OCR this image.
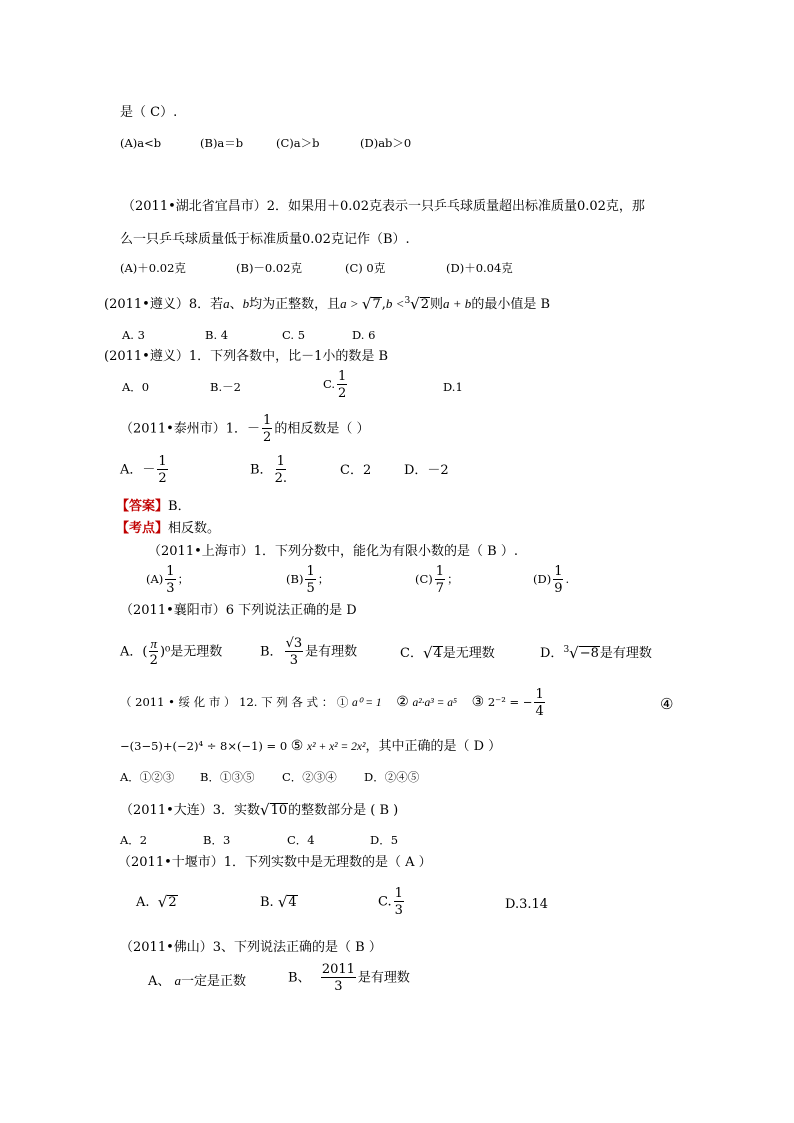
是（ C）.
(A)a<b	(B)a＝b	(C)a＞b	(D)ab＞0
（2011•湖北省宜昌市）2．如果用＋0.02克表示一只乒乓球质量超出标准质量0.02克，那
么一只乒乓球质量低于标准质量0.02克记作（B）.
(A)＋0.02克	(B)－0.02克	(C) 0克	(D)＋0.04克
(2011•遵义）8．若a、b均为正整数，且a > √ 7 ,b < 3 √ 2 则a + b的最小值是 B
A. 3	B. 4	C. 5	D. 6
(2011•遵义）1．下列各数中，比－1小的数是 B
A．0	B.－2	C. $\frac{1}{2}$	D.1
（2011•泰州市）1．－ $\frac{1}{2}$ 的相反数是（ ）
A．－ $\frac{1}{2}$	B． $\frac{1}{2.}$	C．2	D．－2
【答案】B．
【考点】相反数。
（2011•上海市）1．下列分数中，能化为有限小数的是（ B ）.
$(A) \frac{1}{3}$ ；	$(B) \frac{1}{5}$ ；	$(C) \frac{1}{7}$ ；	$(D) \frac{1}{9}$ .
（2011•襄阳市）6 下列说法正确的是 D
A．( $\frac{\pi}{2} )^0$是无理数	B． $\frac{√3}{3}$ 是有理数	C． √ 4 是无理数	D． 3 √ −8 是有理数
（ 2011 • 绥 化 市 ） 12. 下 列 各 式 ： ① a⁰ = 1 ② a²·a³ = a⁵ ③ 2⁻² = − $\frac{1}{4}$	④
−(3−5)+(−2)⁴ ÷ 8×(−1) = 0 ⑤ x² + x² = 2x²，其中正确的是（ D ）
A．①②③ B．①③⑤ C．②③④ D．②④⑤
（2011•大连）3．实数 √ 10 的整数部分是 ( B )
A．2	B．3	C．4	D．5
（2011•十堰市）1．下列实数中是无理数的是（ A ）
A. √ 2	B. √ 4	C. $\frac{1}{3}$	D.3.14
（2011•佛山）3、下列说法正确的是（ B ）
A、 a一定是正数	B、 $\frac{2011}{3}$ 是有理数
